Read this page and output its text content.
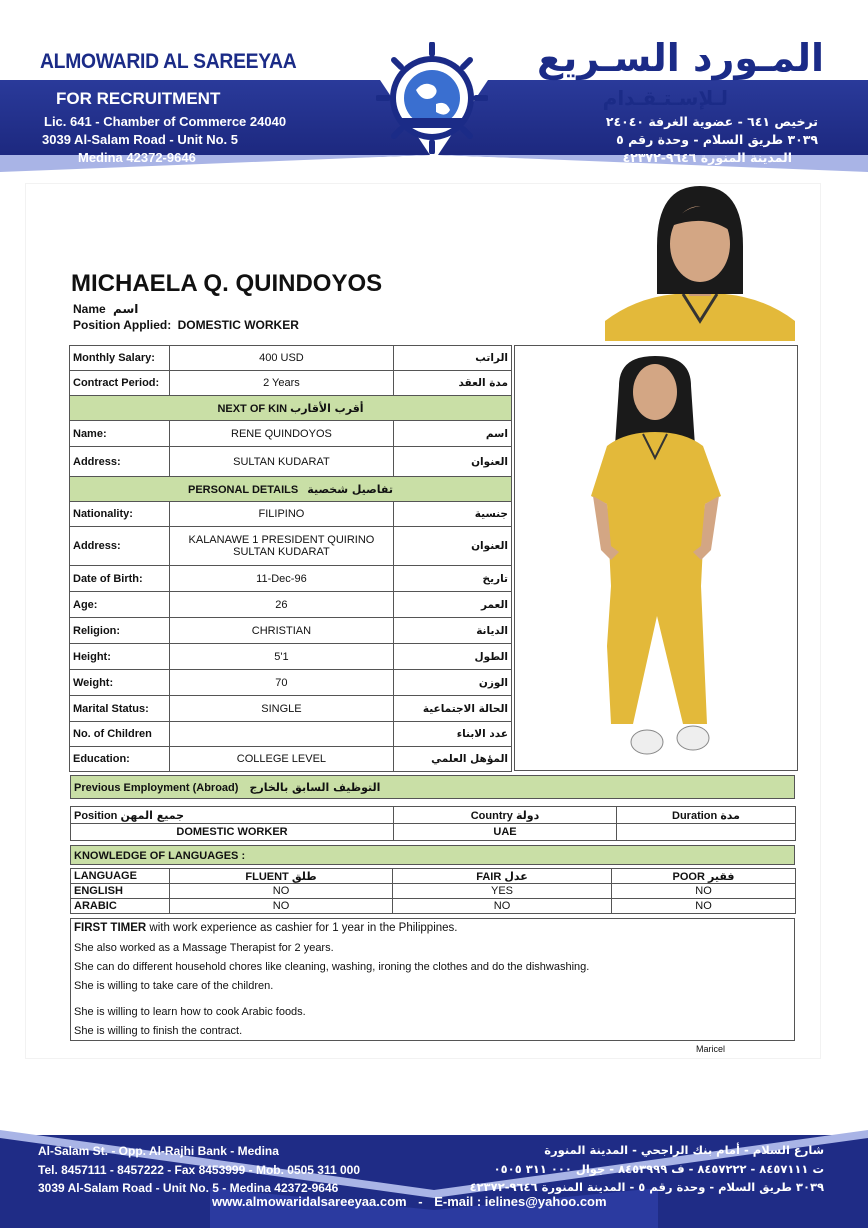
ALMOWARID AL SAREEYAA
FOR RECRUITMENT
Lic. 641 - Chamber of Commerce 24040
3039 Al-Salam Road - Unit No. 5
Medina 42372-9646
المـورد السـريع
لـلإسـتـقـدام
ترخيص ٦٤١ - عضوية الغرفة ٢٤٠٤٠
٣٠٣٩ طريق السلام - وحدة رقم ٥
المدينة المنورة ٩٦٤٦-٤٢٣٧٢
MICHAELA Q. QUINDOYOS
Name اسم
Position Applied: DOMESTIC WORKER
Monthly Salary:	400 USD	الراتب
Contract Period:	2 Years	مدة العقد
NEXT OF KIN أقرب الأقارب		
Name:	RENE QUINDOYOS	اسم
Address:	SULTAN KUDARAT	العنوان
PERSONAL DETAILS تفاصيل شخصية		
Nationality:	FILIPINO	جنسية
Address:	KALANAWE 1 PRESIDENT QUIRINO
SULTAN KUDARAT	العنوان
Date of Birth:	11-Dec-96	تاريخ
Age:	26	العمر
Religion:	CHRISTIAN	الديانة
Height:	5'1	الطول
Weight:	70	الوزن
Marital Status:	SINGLE	الحالة الاجتماعية
No. of Children		عدد الابناء
Education:	COLLEGE LEVEL	المؤهل العلمي
Previous Employment (Abroad) التوظيف السابق بالخارج
Position جميع المهن	Country دولة	Duration مدة
DOMESTIC WORKER	UAE	
KNOWLEDGE OF LANGUAGES :
LANGUAGE	FLUENT طلق	FAIR عدل	POOR فقير
ENGLISH	NO	YES	NO
ARABIC	NO	NO	NO
FIRST TIMER with work experience as cashier for 1 year in the Philippines.
She also worked as a Massage Therapist for 2 years.
She can do different household chores like cleaning, washing, ironing the clothes and do the dishwashing.
She is willing to take care of the children.
She is willing to learn how to cook Arabic foods.
She is willing to finish the contract.
Maricel
Al-Salam St. - Opp. Al-Rajhi Bank - Medina
Tel. 8457111 - 8457222 - Fax 8453999 - Mob. 0505 311 000
3039 Al-Salam Road - Unit No. 5 - Medina 42372-9646
شارع السلام - أمام بنك الراجحي - المدينة المنورة
ت ٨٤٥٧١١١ - ٨٤٥٧٢٢٢ - ف ٨٤٥٣٩٩٩ - جوال ٠٠٠ ٣١١ ٠٥٠٥
٣٠٣٩ طريق السلام - وحدة رقم ٥ - المدينة المنورة ٩٦٤٦-٤٢٣٧٢
www.almowaridalsareeyaa.com - E-mail : ielines@yahoo.com
